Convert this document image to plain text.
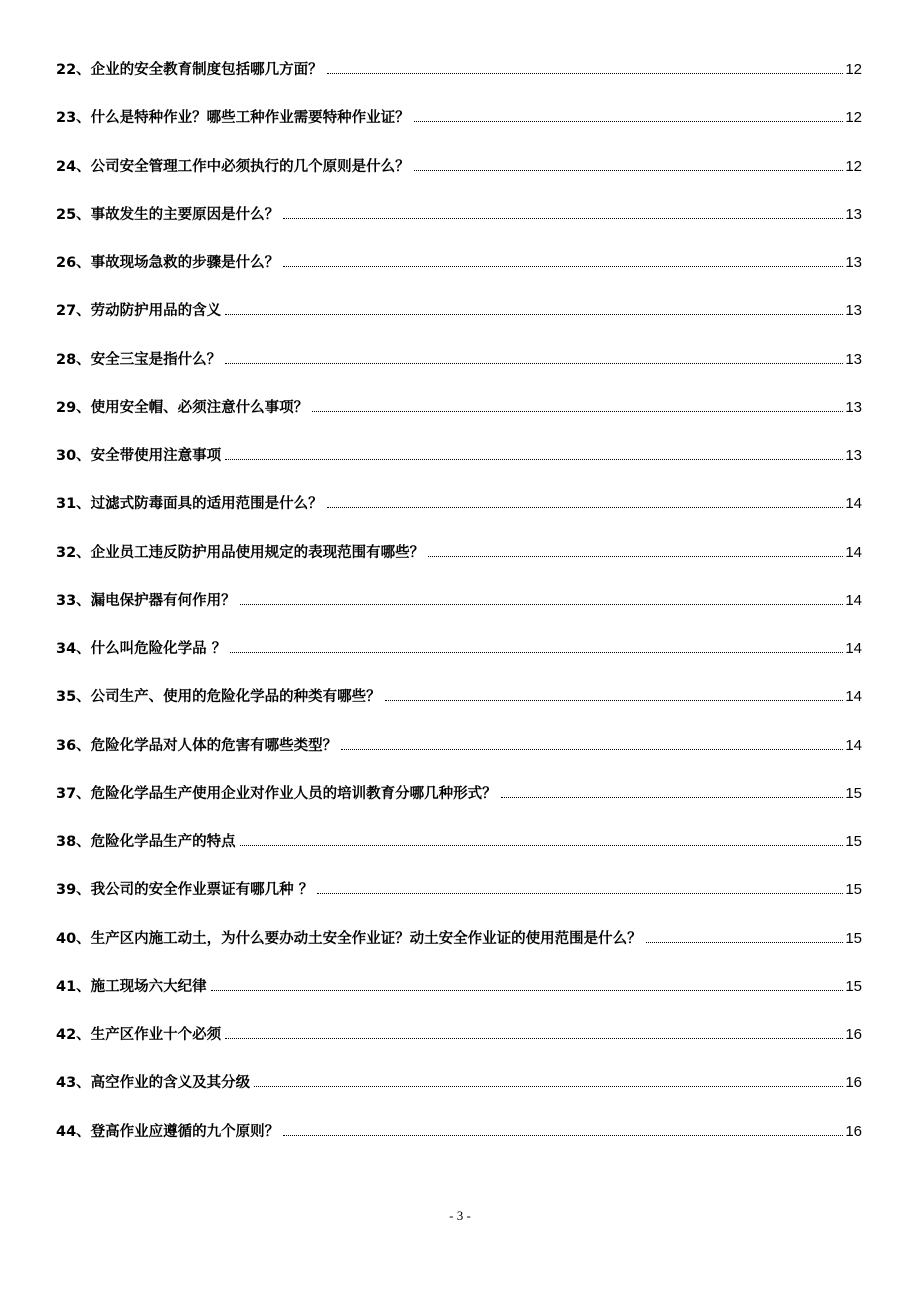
22、企业的安全教育制度包括哪几方面？	12
23、什么是特种作业？哪些工种作业需要特种作业证？	12
24、公司安全管理工作中必须执行的几个原则是什么？	12
25、事故发生的主要原因是什么？	13
26、事故现场急救的步骤是什么？	13
27、劳动防护用品的含义	13
28、安全三宝是指什么？	13
29、使用安全帽、必须注意什么事项？	13
30、安全带使用注意事项	13
31、过滤式防毒面具的适用范围是什么？	14
32、企业员工违反防护用品使用规定的表现范围有哪些？	14
33、漏电保护器有何作用？	14
34、什么叫危险化学品 ？	14
35、公司生产、使用的危险化学品的种类有哪些？	14
36、危险化学品对人体的危害有哪些类型？	14
37、危险化学品生产使用企业对作业人员的培训教育分哪几种形式？	15
38、危险化学品生产的特点	15
39、我公司的安全作业票证有哪几种 ？	15
40、生产区内施工动土，为什么要办动土安全作业证？动土安全作业证的使用范围是什么？	15
41、施工现场六大纪律	15
42、生产区作业十个必须	16
43、高空作业的含义及其分级	16
44、登高作业应遵循的九个原则？	16
- 3 -
